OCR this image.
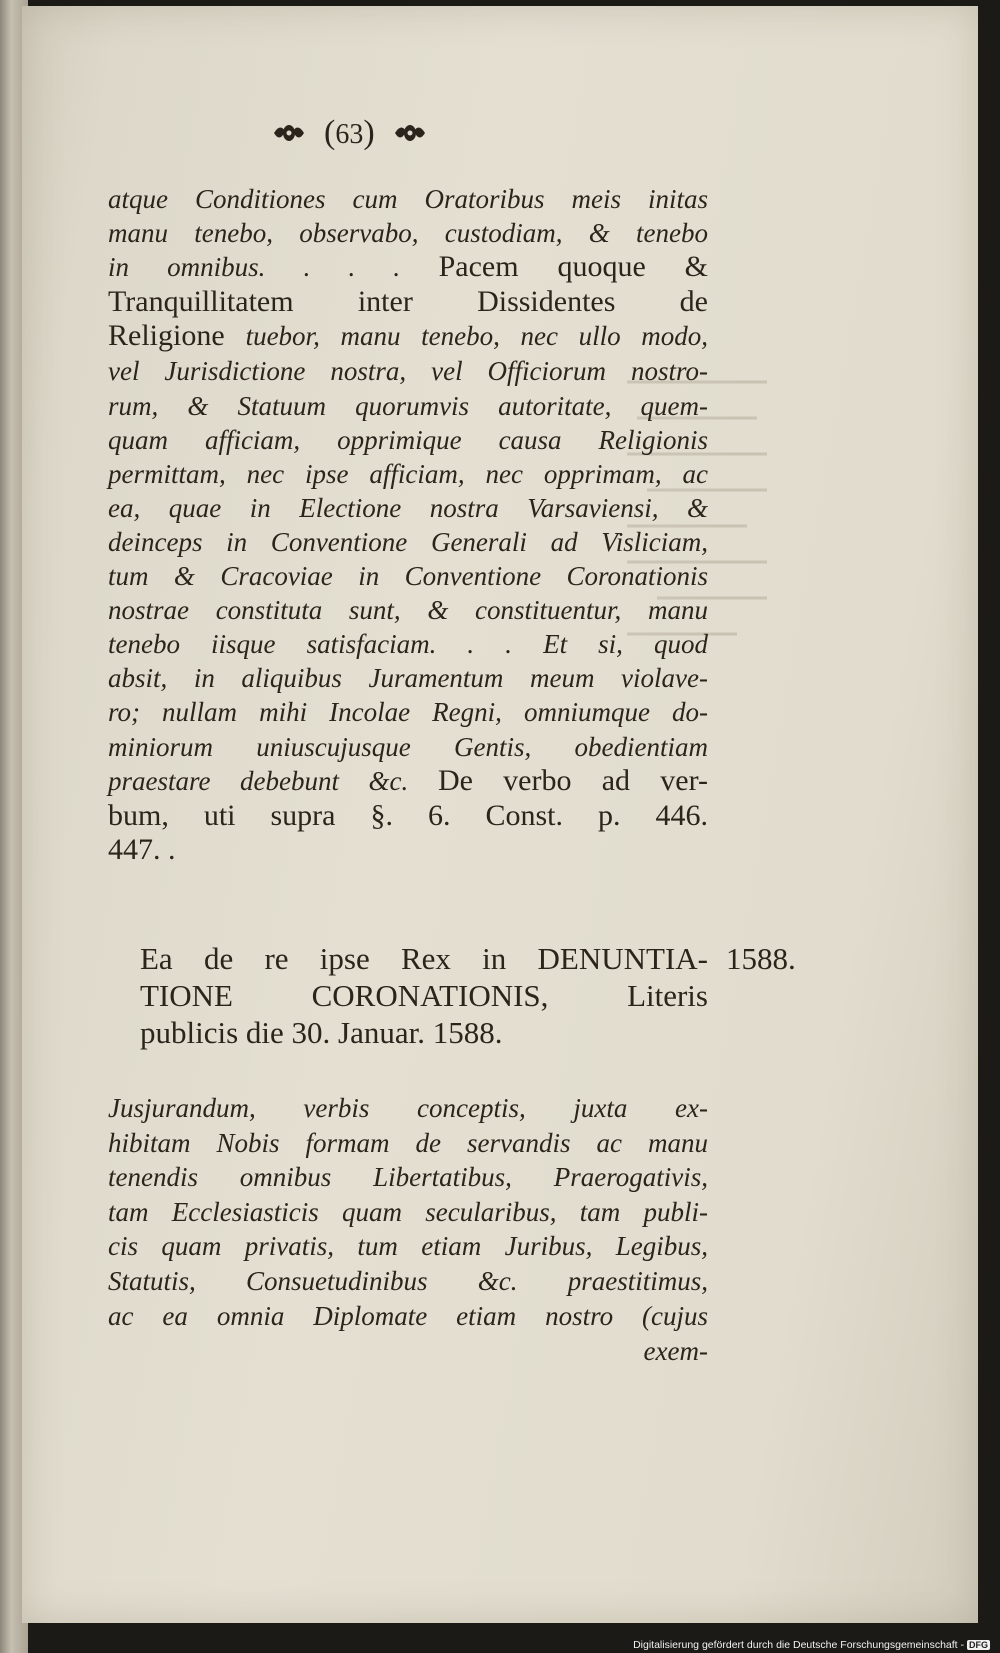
(63)
atque Conditiones cum Oratoribus meis initas
manu tenebo, observabo, custodiam, & tenebo
in omnibus. . . . Pacem quoque &
Tranquillitatem inter Dissidentes de
Religione tuebor, manu tenebo, nec ullo modo,
vel Jurisdictione nostra, vel Officiorum nostro-
rum, & Statuum quorumvis autoritate, quem-
quam afficiam, opprimique causa Religionis
permittam, nec ipse afficiam, nec opprimam, ac
ea, quae in Electione nostra Varsaviensi, &
deinceps in Conventione Generali ad Visliciam,
tum & Cracoviae in Conventione Coronationis
nostrae constituta sunt, & constituentur, manu
tenebo iisque satisfaciam. . . Et si, quod
absit, in aliquibus Juramentum meum violave-
ro; nullam mihi Incolae Regni, omniumque do-
miniorum uniuscujusque Gentis, obedientiam
praestare debebunt &c. De verbo ad ver-
bum, uti supra §. 6. Const. p. 446.
447. .
Ea de re ipse Rex in DENUNTIA-
TIONE CORONATIONIS, Literis
publicis die 30. Januar. 1588.
1588.
Jusjurandum, verbis conceptis, juxta ex-
hibitam Nobis formam de servandis ac manu
tenendis omnibus Libertatibus, Praerogativis,
tam Ecclesiasticis quam secularibus, tam publi-
cis quam privatis, tum etiam Juribus, Legibus,
Statutis, Consuetudinibus &c. praestitimus,
ac ea omnia Diplomate etiam nostro (cujus
exem-
Digitalisierung gefördert durch die Deutsche Forschungsgemeinschaft - DFG
